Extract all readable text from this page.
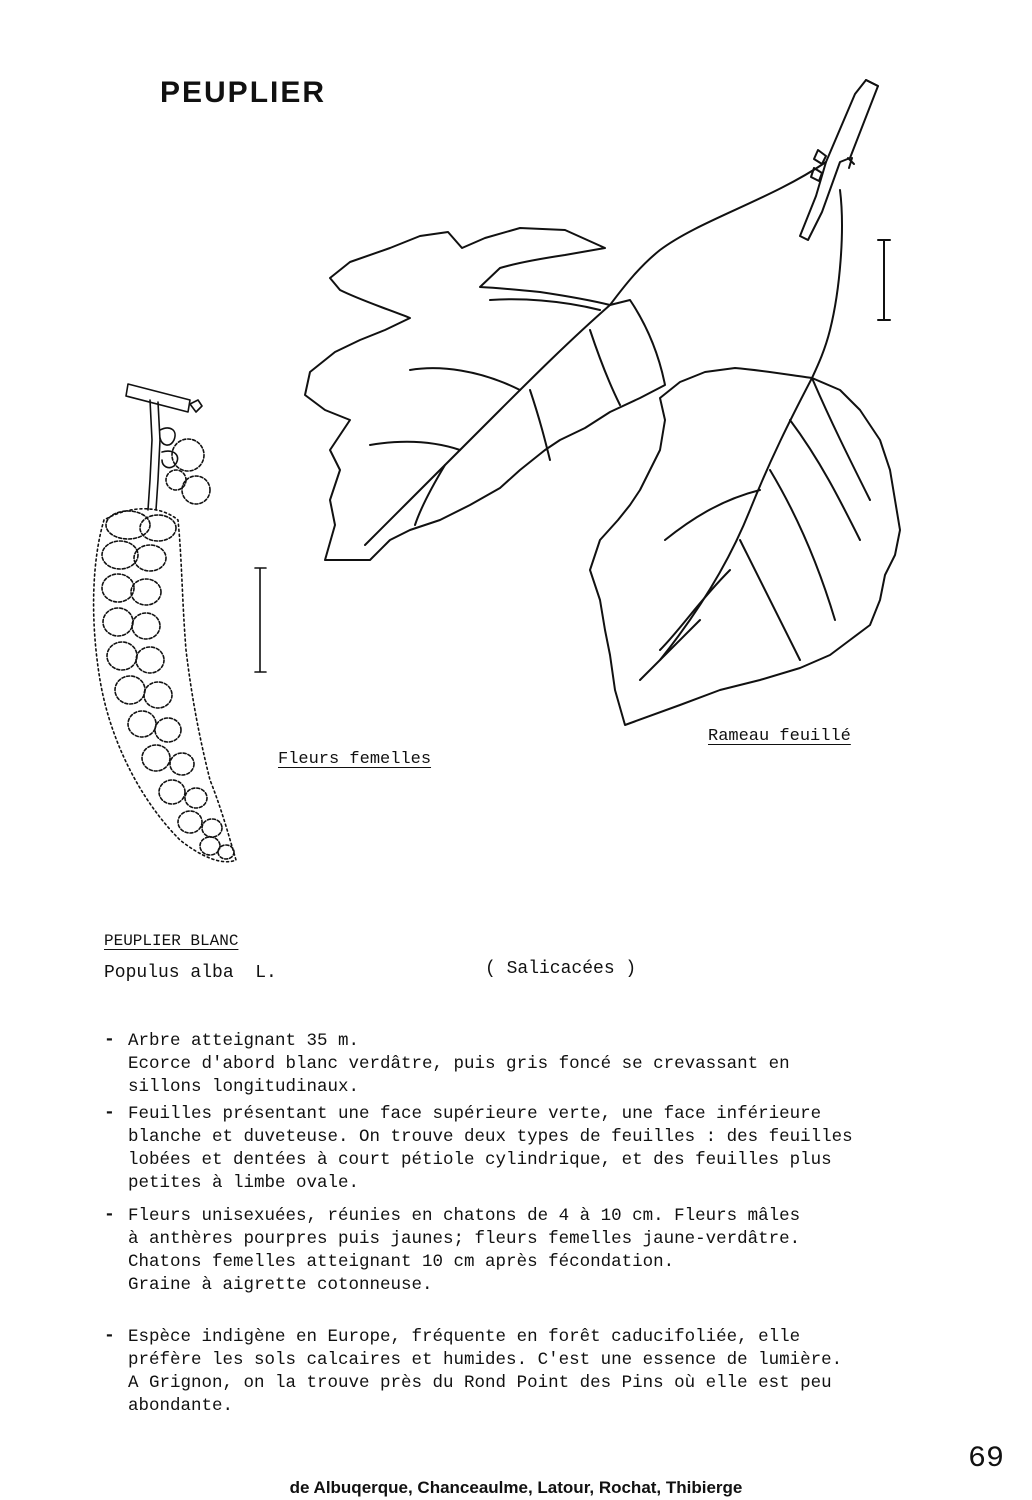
PEUPLIER
Fleurs femelles
Rameau feuillé
PEUPLIER BLANC
Populus alba  L.	( Salicacées )
- Arbre atteignant 35 m.
Ecorce d'abord blanc verdâtre, puis gris foncé se crevassant en
sillons longitudinaux.
- Feuilles présentant une face supérieure verte, une face inférieure
blanche et duveteuse. On trouve deux types de feuilles : des feuilles
lobées et dentées à court pétiole cylindrique, et des feuilles plus
petites à limbe ovale.
- Fleurs unisexuées, réunies en chatons de 4 à 10 cm. Fleurs mâles
à anthères pourpres puis jaunes; fleurs femelles jaune-verdâtre.
Chatons femelles atteignant 10 cm après fécondation.
Graine à aigrette cotonneuse.
- Espèce indigène en Europe, fréquente en forêt caducifoliée, elle
préfère les sols calcaires et humides. C'est une essence de lumière.
A Grignon, on la trouve près du Rond Point des Pins où elle est peu
abondante.
69
de Albuqerque, Chanceaulme, Latour, Rochat, Thibierge
